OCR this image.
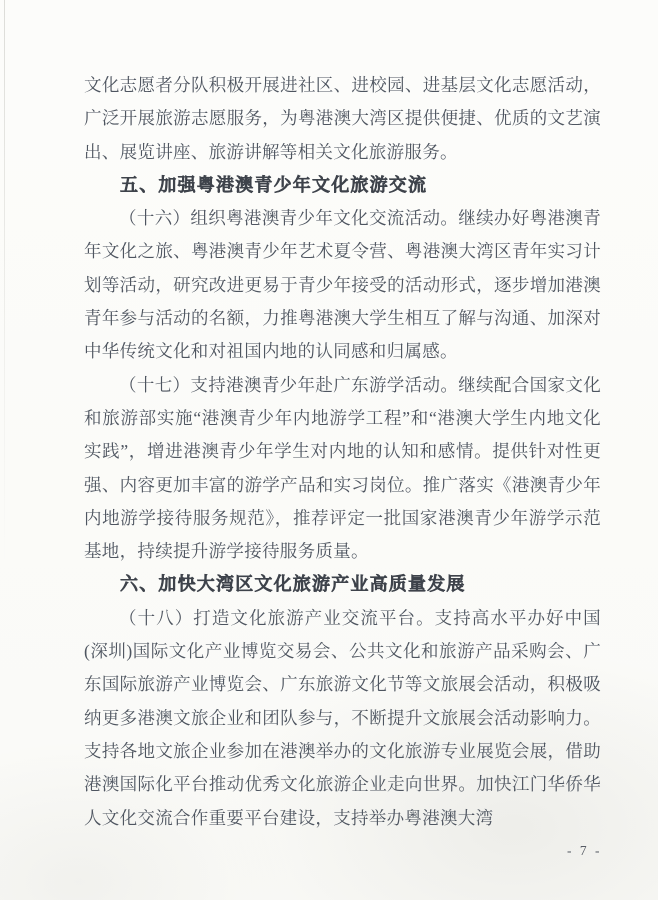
文化志愿者分队积极开展进社区、进校园、进基层文化志愿活动，广泛开展旅游志愿服务，为粤港澳大湾区提供便捷、优质的文艺演出、展览讲座、旅游讲解等相关文化旅游服务。

五、加强粤港澳青少年文化旅游交流

（十六）组织粤港澳青少年文化交流活动。继续办好粤港澳青年文化之旅、粤港澳青少年艺术夏令营、粤港澳大湾区青年实习计划等活动，研究改进更易于青少年接受的活动形式，逐步增加港澳青年参与活动的名额，力推粤港澳大学生相互了解与沟通、加深对中华传统文化和对祖国内地的认同感和归属感。

（十七）支持港澳青少年赴广东游学活动。继续配合国家文化和旅游部实施“港澳青少年内地游学工程”和“港澳大学生内地文化实践”，增进港澳青少年学生对内地的认知和感情。提供针对性更强、内容更加丰富的游学产品和实习岗位。推广落实《港澳青少年内地游学接待服务规范》，推荐评定一批国家港澳青少年游学示范基地，持续提升游学接待服务质量。

六、加快大湾区文化旅游产业高质量发展

（十八）打造文化旅游产业交流平台。支持高水平办好中国(深圳)国际文化产业博览交易会、公共文化和旅游产品采购会、广东国际旅游产业博览会、广东旅游文化节等文旅展会活动，积极吸纳更多港澳文旅企业和团队参与，不断提升文旅展会活动影响力。支持各地文旅企业参加在港澳举办的文化旅游专业展览会展，借助港澳国际化平台推动优秀文化旅游企业走向世界。加快江门华侨华人文化交流合作重要平台建设，支持举办粤港澳大湾

- 7 -
